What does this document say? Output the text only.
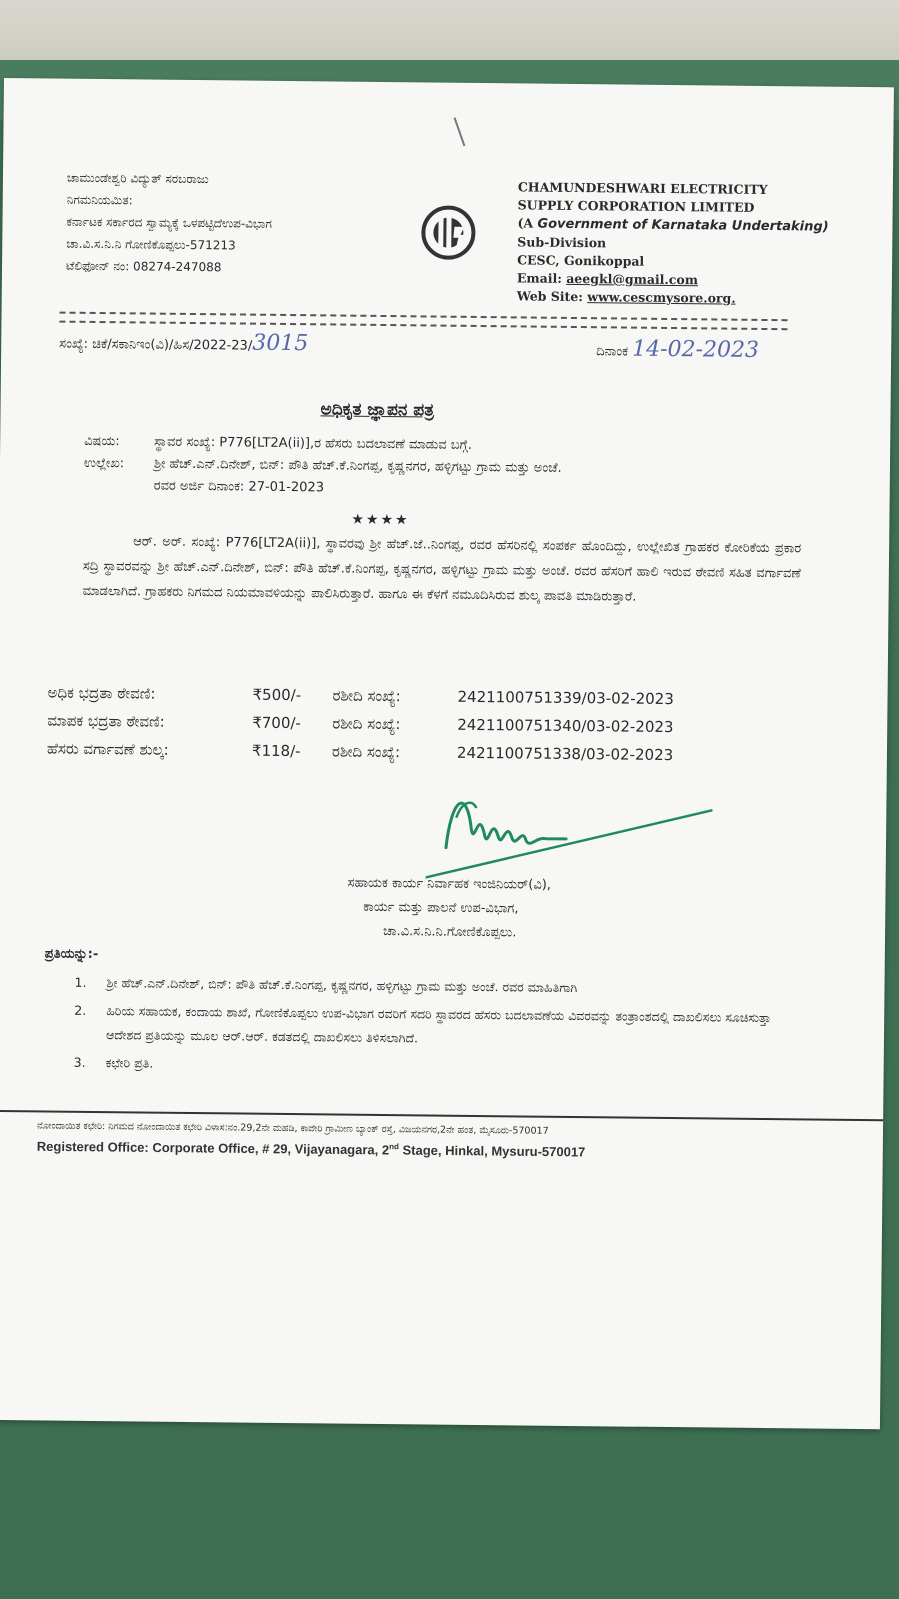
ಚಾಮುಂಡೇಶ್ವರಿ ವಿದ್ಯುತ್ ಸರಬರಾಜು
ನಿಗಮನಿಯಮಿತ:
ಕರ್ನಾಟಕ ಸರ್ಕಾರದ ಸ್ವಾಮ್ಯಕ್ಕೆ ಒಳಪಟ್ಟಿದೆಉಪ-ವಿಭಾಗ
ಚಾ.ವಿ.ಸ.ನಿ.ನಿ ಗೋಣಿಕೊಪ್ಪಲು-571213
ಟೆಲಿಫೋನ್ ನಂ: 08274-247088
CHAMUNDESHWARI ELECTRICITY
SUPPLY CORPORATION LIMITED
(A Government of Karnataka Undertaking)
Sub-Division
CESC, Gonikoppal
Email: aeegkl@gmail.com
Web Site: www.cescmysore.org.
ಸಂಖ್ಯೆ: ಚಿಕೆ/ಸಕಾನಿಇಂ(ವಿ)/ಹಿಸ/2022-23/3015	ದಿನಾಂಕ 14-02-2023
ಅಧಿಕೃತ ಜ್ಞಾಪನ ಪತ್ರ
ವಿಷಯ:	ಸ್ಥಾವರ ಸಂಖ್ಯೆ: P776[LT2A(ii)],ರ ಹೆಸರು ಬದಲಾವಣೆ ಮಾಡುವ ಬಗ್ಗೆ.
ಉಲ್ಲೇಖ: ಶ್ರೀ ಹೆಚ್.ಎನ್.ದಿನೇಶ್, ಬಿನ್: ಪೌತಿ ಹೆಚ್.ಕೆ.ನಿಂಗಪ್ಪ, ಕೃಷ್ಣನಗರ, ಹಳ್ಳಿಗಟ್ಟು ಗ್ರಾಮ ಮತ್ತು ಅಂಚೆ.
ರವರ ಅರ್ಜಿ ದಿನಾಂಕ: 27-01-2023
★★★★
ಆರ್. ಅರ್. ಸಂಖ್ಯೆ: P776[LT2A(ii)], ಸ್ಥಾವರವು ಶ್ರೀ ಹೆಚ್.ಜೆ..ನಿಂಗಪ್ಪ, ರವರ ಹೆಸರಿನಲ್ಲಿ ಸಂಪರ್ಕ ಹೊಂದಿದ್ದು, ಉಲ್ಲೇಖಿತ ಗ್ರಾಹಕರ ಕೋರಿಕೆಯ ಪ್ರಕಾರ ಸದ್ರಿ ಸ್ಥಾವರವನ್ನು ಶ್ರೀ ಹೆಚ್.ಎನ್.ದಿನೇಶ್, ಬಿನ್: ಪೌತಿ ಹೆಚ್.ಕೆ.ನಿಂಗಪ್ಪ, ಕೃಷ್ಣನಗರ, ಹಳ್ಳಿಗಟ್ಟು ಗ್ರಾಮ ಮತ್ತು ಅಂಚೆ. ರವರ ಹೆಸರಿಗೆ ಹಾಲಿ ಇರುವ ಠೇವಣಿ ಸಹಿತ ವರ್ಗಾವಣೆ ಮಾಡಲಾಗಿದೆ. ಗ್ರಾಹಕರು ನಿಗಮದ ನಿಯಮಾವಳಿಯನ್ನು ಪಾಲಿಸಿರುತ್ತಾರೆ. ಹಾಗೂ ಈ ಕೆಳಗೆ ನಮೂದಿಸಿರುವ ಶುಲ್ಕ ಪಾವತಿ ಮಾಡಿರುತ್ತಾರೆ.
ಅಧಿಕ ಭದ್ರತಾ ಠೇವಣಿ:	₹500/-	ರಶೀದಿ ಸಂಖ್ಯೆ:	2421100751339/03-02-2023
ಮಾಪಕ ಭದ್ರತಾ ಠೇವಣಿ:	₹700/-	ರಶೀದಿ ಸಂಖ್ಯೆ:	2421100751340/03-02-2023
ಹೆಸರು ವರ್ಗಾವಣೆ ಶುಲ್ಕ:	₹118/-	ರಶೀದಿ ಸಂಖ್ಯೆ:	2421100751338/03-02-2023
ಸಹಾಯಕ ಕಾರ್ಯ ನಿರ್ವಾಹಕ ಇಂಜಿನಿಯರ್(ವಿ),
ಕಾರ್ಯ ಮತ್ತು ಪಾಲನೆ ಉಪ-ವಿಭಾಗ,
ಚಾ.ವಿ.ಸ.ನಿ.ನಿ.ಗೋಣಿಕೊಪ್ಪಲು.
ಪ್ರತಿಯನ್ನು:-
1.	ಶ್ರೀ ಹೆಚ್.ಎನ್.ದಿನೇಶ್, ಬಿನ್: ಪೌತಿ ಹೆಚ್.ಕೆ.ನಿಂಗಪ್ಪ, ಕೃಷ್ಣನಗರ, ಹಳ್ಳಿಗಟ್ಟು ಗ್ರಾಮ ಮತ್ತು ಅಂಚೆ. ರವರ ಮಾಹಿತಿಗಾಗಿ
2.	ಹಿರಿಯ ಸಹಾಯಕ, ಕಂದಾಯ ಶಾಖೆ, ಗೋಣಿಕೊಪ್ಪಲು ಉಪ-ವಿಭಾಗ ರವರಿಗೆ ಸದರಿ ಸ್ಥಾವರದ ಹೆಸರು ಬದಲಾವಣೆಯ ವಿವರವನ್ನು ತಂತ್ರಾಂಶದಲ್ಲಿ ದಾಖಲಿಸಲು ಸೂಚಿಸುತ್ತಾ ಆದೇಶದ ಪ್ರತಿಯನ್ನು ಮೂಲ ಆರ್.ಆರ್. ಕಡತದಲ್ಲಿ ದಾಖಲಿಸಲು ತಿಳಿಸಲಾಗಿದೆ.
3.	ಕಛೇರಿ ಪ್ರತಿ.
ನೋಂದಾಯಿತ ಕಛೇರಿ: ನಿಗಮದ ನೋಂದಾಯಿತ ಕಛೇರಿ ವಿಳಾಸ:ನಂ.29,2ನೇ ಮಹಡಿ, ಕಾವೇರಿ ಗ್ರಾಮೀಣ ಬ್ಯಾಂಕ್ ರಸ್ತೆ, ವಿಜಯನಗರ,2ನೇ ಹಂತ, ಮೈಸೂರು-570017
Registered Office: Corporate Office, # 29, Vijayanagara, 2nd Stage, Hinkal, Mysuru-570017
